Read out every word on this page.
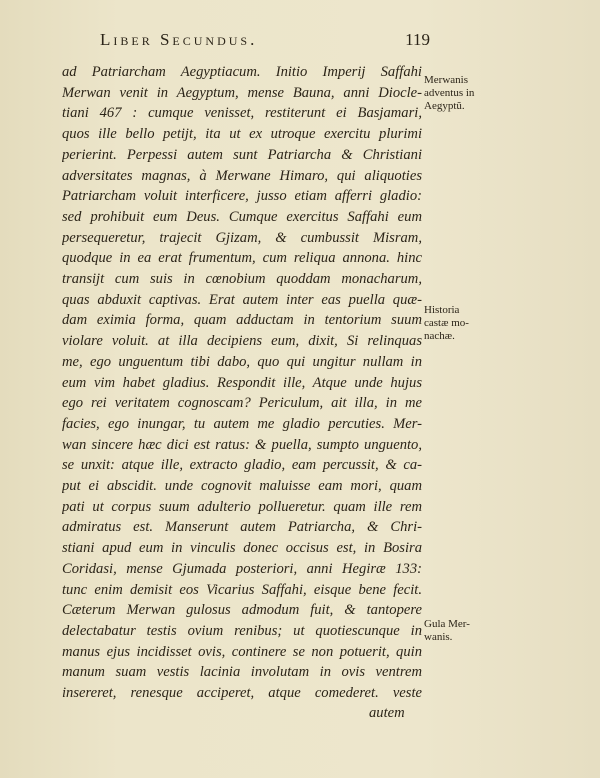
Liber Secundus.	119
ad Patriarcham Aegyptiacum. Initio Imperij Saffahi
Merwan venit in Aegyptum, mense Bauna, anni Diocle-
tiani 467 : cumque venisset, restiterunt ei Basjamari,
quos ille bello petijt, ita ut ex utroque exercitu plurimi
perierint. Perpessi autem sunt Patriarcha & Christiani
adversitates magnas, à Merwane Himaro, qui aliquoties
Patriarcham voluit interficere, jusso etiam afferri gladio:
sed prohibuit eum Deus. Cumque exercitus Saffahi eum
persequeretur, trajecit Gjizam, & cumbussit Misram,
quodque in ea erat frumentum, cum reliqua annona. hinc
transijt cum suis in cœnobium quoddam monacharum,
quas abduxit captivas. Erat autem inter eas puella quæ-
dam eximia forma, quam adductam in tentorium suum
violare voluit. at illa decipiens eum, dixit, Si relinquas
me, ego unguentum tibi dabo, quo qui ungitur nullam in
eum vim habet gladius. Respondit ille, Atque unde hujus
ego rei veritatem cognoscam? Periculum, ait illa, in me
facies, ego inungar, tu autem me gladio percuties. Mer-
wan sincere hæc dici est ratus: & puella, sumpto unguento,
se unxit: atque ille, extracto gladio, eam percussit, & ca-
put ei abscidit. unde cognovit maluisse eam mori, quam
pati ut corpus suum adulterio pollueretur. quam ille rem
admiratus est. Manserunt autem Patriarcha, & Chri-
stiani apud eum in vinculis donec occisus est, in Bosira
Coridasi, mense Gjumada posteriori, anni Hegiræ 133:
tunc enim demisit eos Vicarius Saffahi, eisque bene fecit.
Cæterum Merwan gulosus admodum fuit, & tantopere
delectabatur testis ovium renibus; ut quotiescunque in
manus ejus incidisset ovis, continere se non potuerit, quin
manum suam vestis lacinia involutam in ovis ventrem
insereret, renesque acciperet, atque comederet. veste
autem
Merwanis
adventus in
Aegyptũ.
Historia
castæ mo-
nachæ.
Gula Mer-
wanis.
